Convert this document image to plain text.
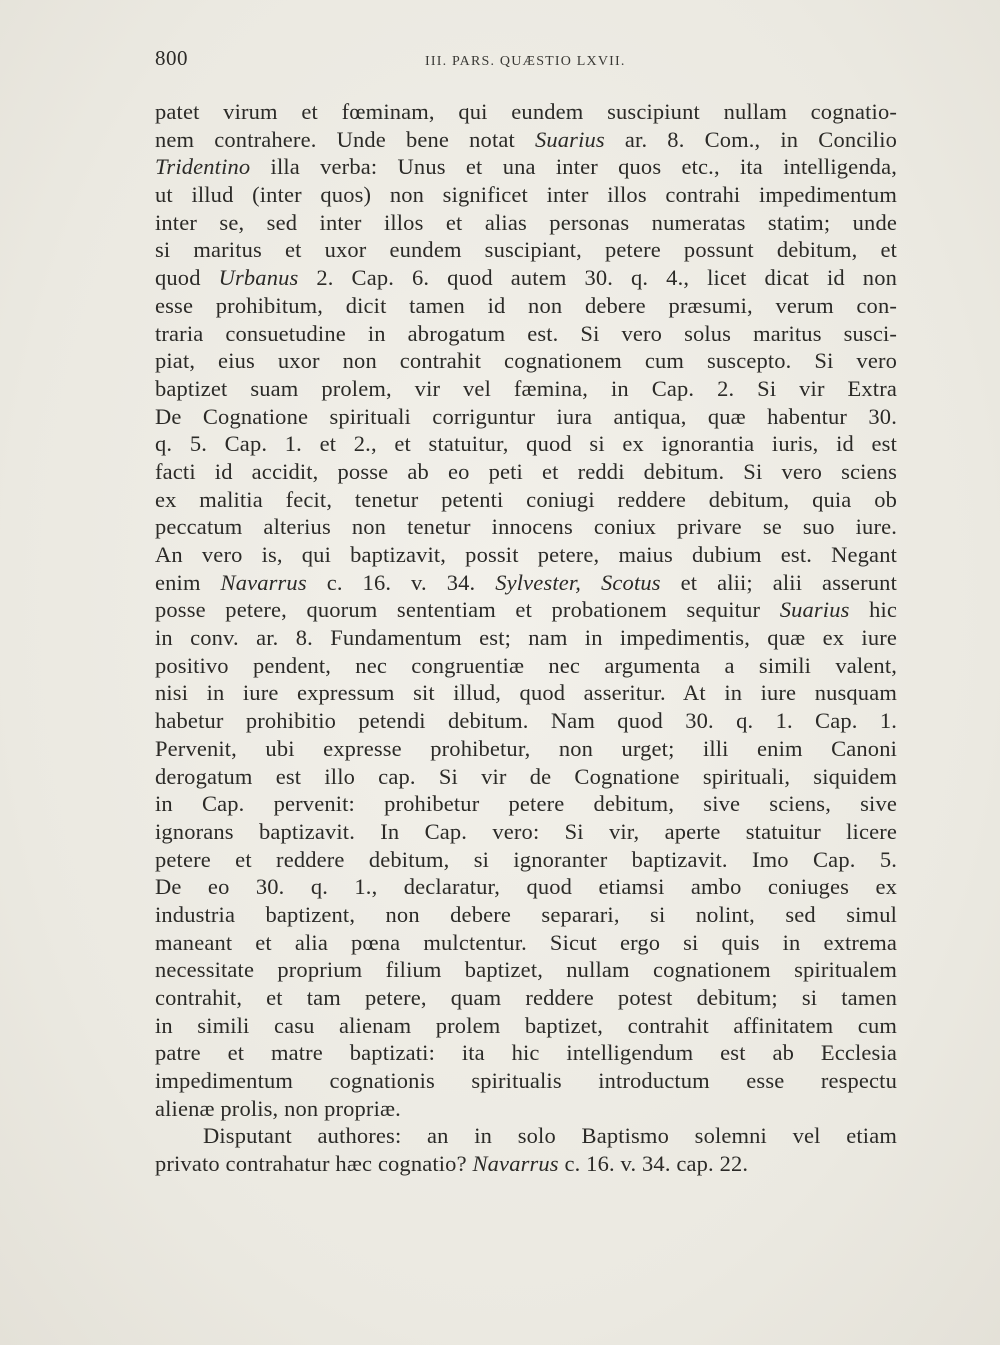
800	III. PARS. QUÆSTIO LXVII.
patet virum et fœminam, qui eundem suscipiunt nullam cognatio-
nem contrahere. Unde bene notat Suarius ar. 8. Com., in Concilio
Tridentino illa verba: Unus et una inter quos etc., ita intelligenda,
ut illud (inter quos) non significet inter illos contrahi impedimentum
inter se, sed inter illos et alias personas numeratas statim; unde
si maritus et uxor eundem suscipiant, petere possunt debitum, et
quod Urbanus 2. Cap. 6. quod autem 30. q. 4., licet dicat id non
esse prohibitum, dicit tamen id non debere præsumi, verum con-
traria consuetudine in abrogatum est. Si vero solus maritus susci-
piat, eius uxor non contrahit cognationem cum suscepto. Si vero
baptizet suam prolem, vir vel fæmina, in Cap. 2. Si vir Extra
De Cognatione spirituali corriguntur iura antiqua, quæ habentur 30.
q. 5. Cap. 1. et 2., et statuitur, quod si ex ignorantia iuris, id est
facti id accidit, posse ab eo peti et reddi debitum. Si vero sciens
ex malitia fecit, tenetur petenti coniugi reddere debitum, quia ob
peccatum alterius non tenetur innocens coniux privare se suo iure.
An vero is, qui baptizavit, possit petere, maius dubium est. Negant
enim Navarrus c. 16. v. 34. Sylvester, Scotus et alii; alii asserunt
posse petere, quorum sententiam et probationem sequitur Suarius hic
in conv. ar. 8. Fundamentum est; nam in impedimentis, quæ ex iure
positivo pendent, nec congruentiæ nec argumenta a simili valent,
nisi in iure expressum sit illud, quod asseritur. At in iure nusquam
habetur prohibitio petendi debitum. Nam quod 30. q. 1. Cap. 1.
Pervenit, ubi expresse prohibetur, non urget; illi enim Canoni
derogatum est illo cap. Si vir de Cognatione spirituali, siquidem
in Cap. pervenit: prohibetur petere debitum, sive sciens, sive
ignorans baptizavit. In Cap. vero: Si vir, aperte statuitur licere
petere et reddere debitum, si ignoranter baptizavit. Imo Cap. 5.
De eo 30. q. 1., declaratur, quod etiamsi ambo coniuges ex
industria baptizent, non debere separari, si nolint, sed simul
maneant et alia pœna mulctentur. Sicut ergo si quis in extrema
necessitate proprium filium baptizet, nullam cognationem spiritualem
contrahit, et tam petere, quam reddere potest debitum; si tamen
in simili casu alienam prolem baptizet, contrahit affinitatem cum
patre et matre baptizati: ita hic intelligendum est ab Ecclesia
impedimentum cognationis spiritualis introductum esse respectu
alienæ prolis, non propriæ.
Disputant authores: an in solo Baptismo solemni vel etiam
privato contrahatur hæc cognatio? Navarrus c. 16. v. 34. cap. 22.
